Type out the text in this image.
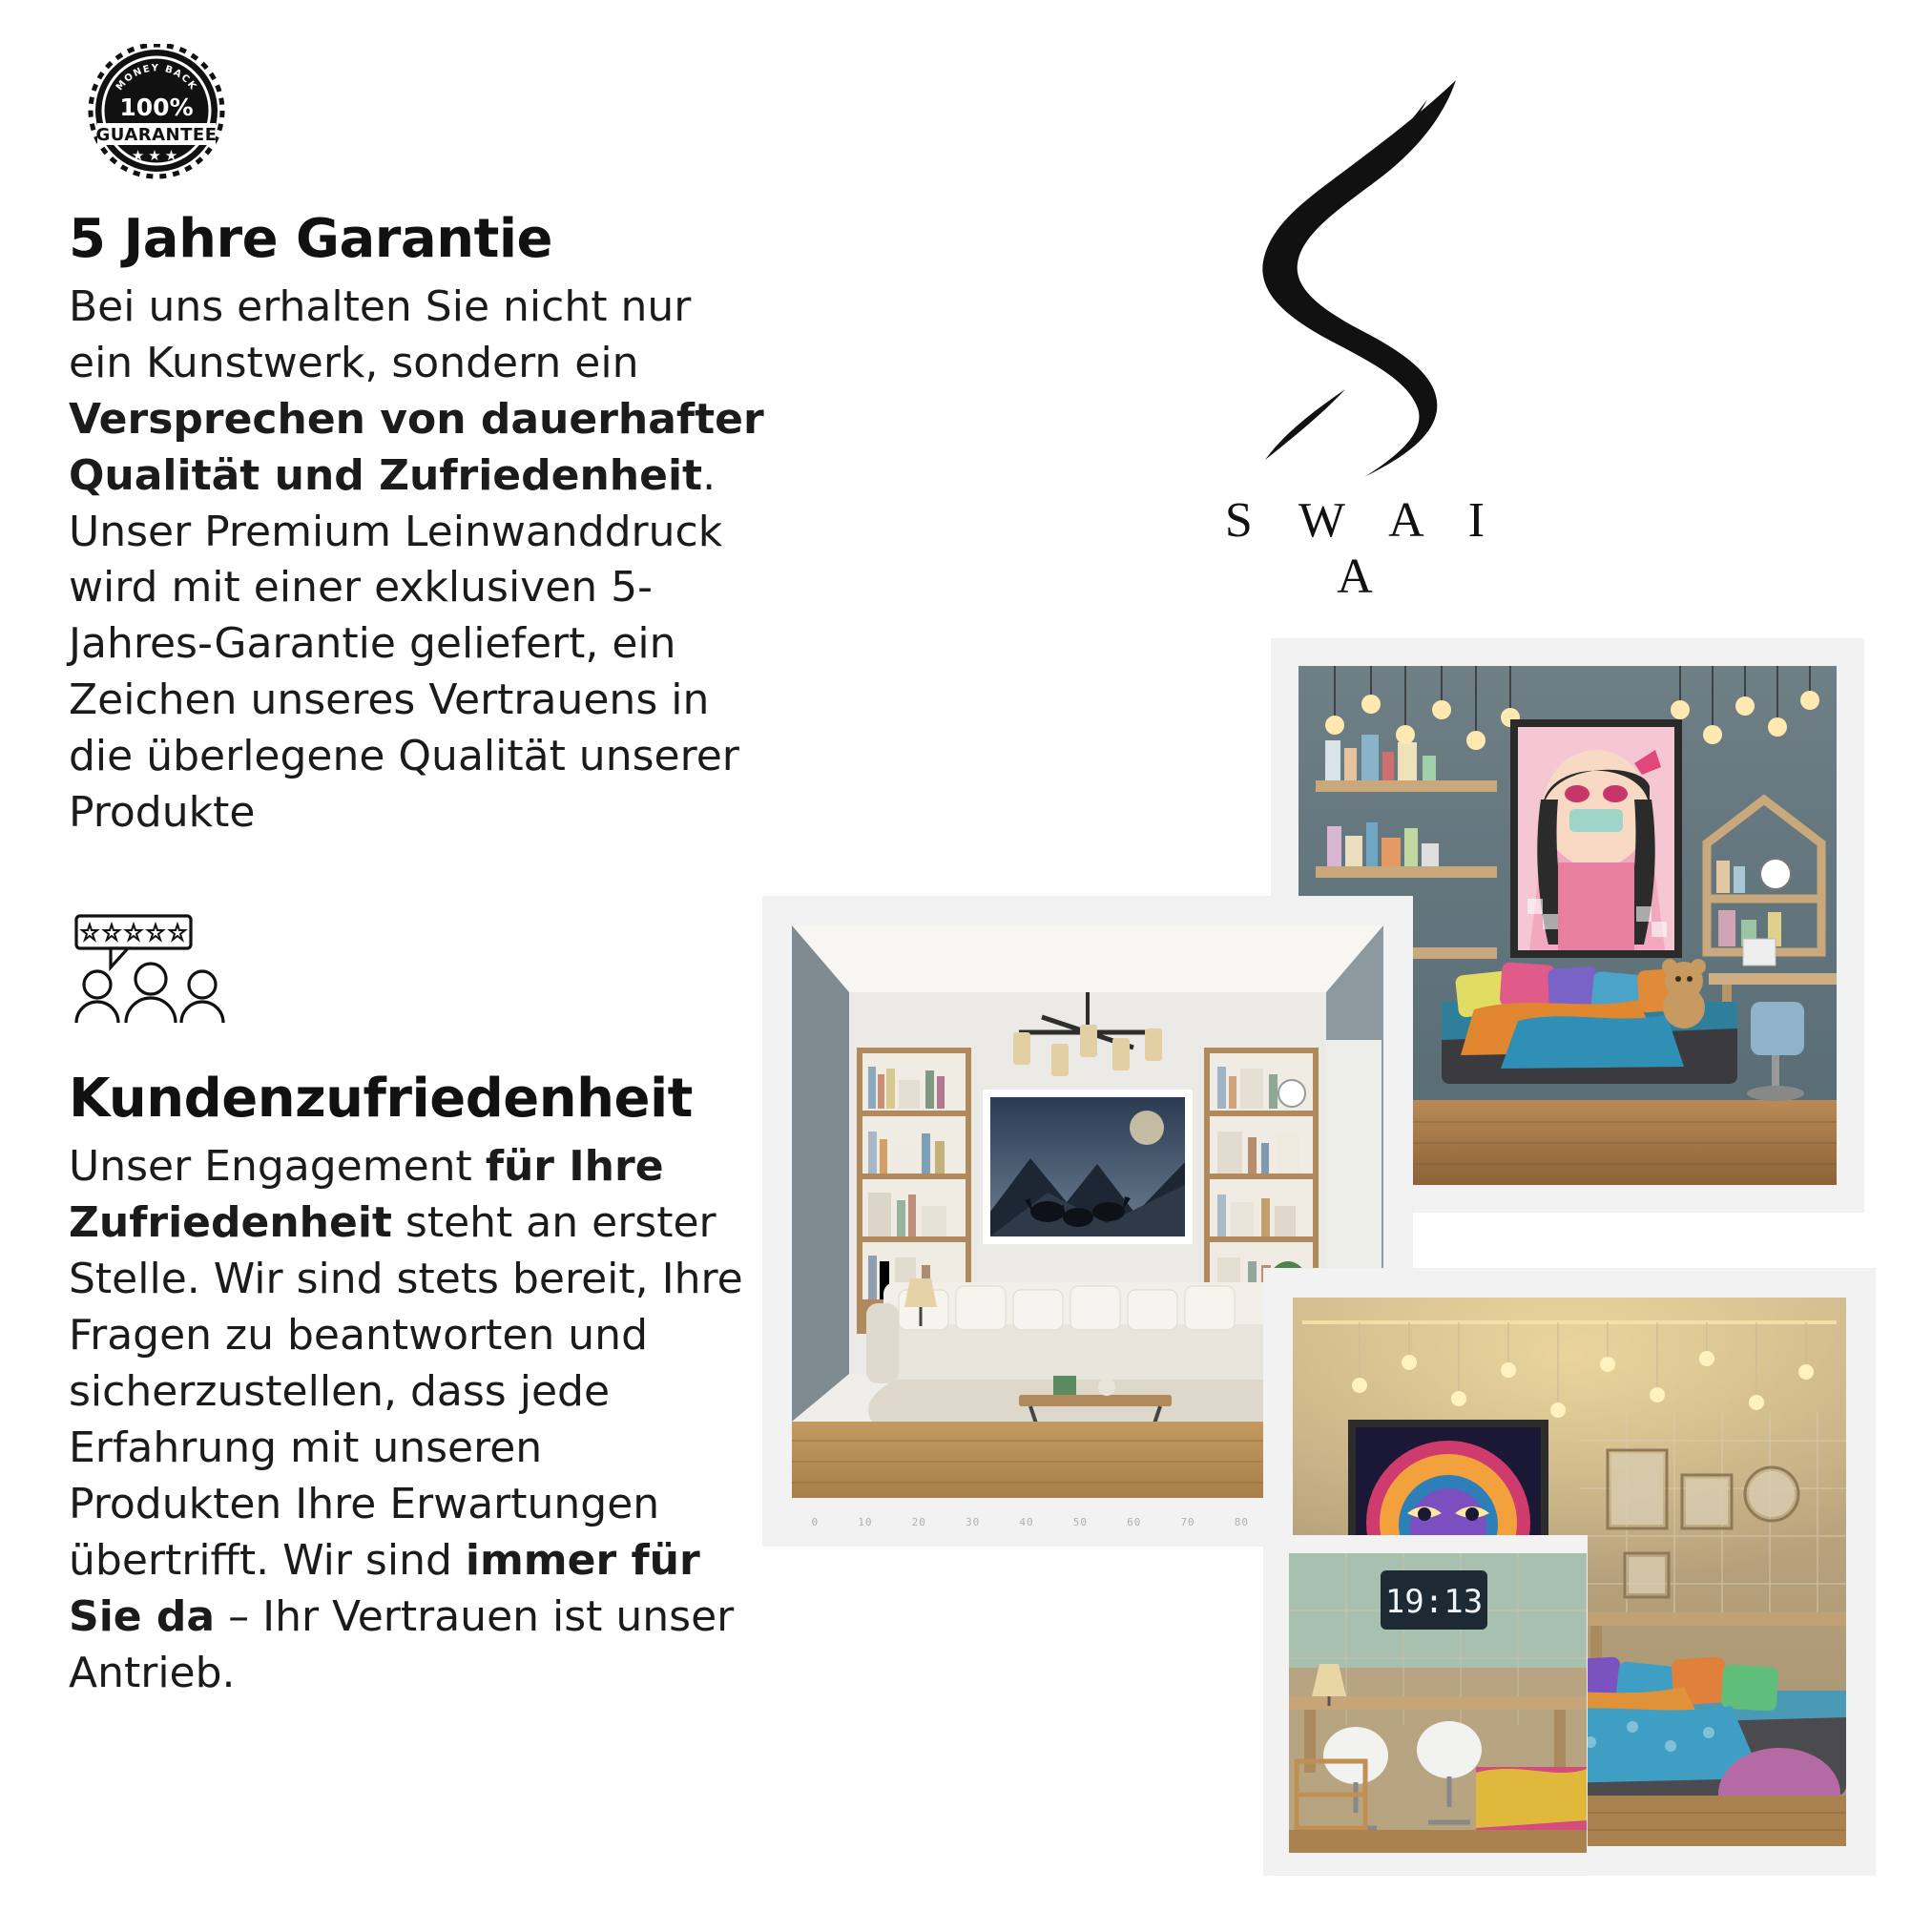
MONEY BACK
100%
GUARANTEE
★★★
5 Jahre Garantie

Bei uns erhalten Sie nicht nur ein Kunstwerk, sondern ein Versprechen von dauerhafter Qualität und Zufriedenheit. Unser Premium Leinwanddruck wird mit einer exklusiven 5-Jahres-Garantie geliefert, ein Zeichen unseres Vertrauens in die überlegene Qualität unserer Produkte

Kundenzufriedenheit

Unser Engagement für Ihre Zufriedenheit steht an erster Stelle. Wir sind stets bereit, Ihre Fragen zu beantworten und sicherzustellen, dass jede Erfahrung mit unseren Produkten Ihre Erwartungen übertrifft. Wir sind immer für Sie da – Ihr Vertrauen ist unser Antrieb.

S W A I A
0	10	20	30	40	50	60	70	80
19:13
